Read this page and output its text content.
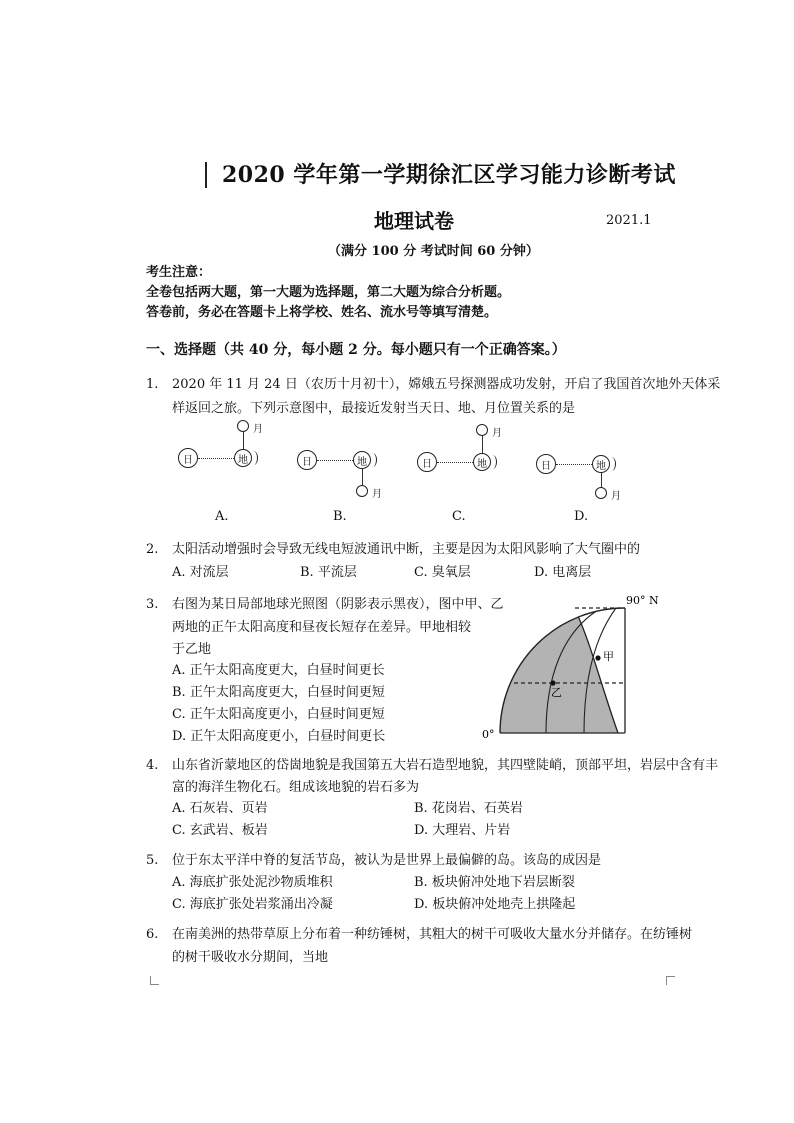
2020 学年第一学期徐汇区学习能力诊断考试
地理试卷	2021.1
（满分 100 分 考试时间 60 分钟）
考生注意：
全卷包括两大题，第一大题为选择题，第二大题为综合分析题。
答卷前，务必在答题卡上将学校、姓名、流水号等填写清楚。
一、选择题（共 40 分，每小题 2 分。每小题只有一个正确答案。）
1. 2020 年 11 月 24 日（农历十月初十），嫦娥五号探测器成功发射，开启了我国首次地外天体采
样返回之旅。下列示意图中，最接近发射当天日、地、月位置关系的是
日	地
月
A.
日	地
月
B.
日	地
月
C.
日	地
月
D.
2. 太阳活动增强时会导致无线电短波通讯中断，主要是因为太阳风影响了大气圈中的
A. 对流层	B. 平流层	C. 臭氧层	D. 电离层
3. 右图为某日局部地球光照图（阴影表示黑夜），图中甲、乙
两地的正午太阳高度和昼夜长短存在差异。甲地相较
于乙地
A. 正午太阳高度更大，白昼时间更长
B. 正午太阳高度更大，白昼时间更短
C. 正午太阳高度更小，白昼时间更短
D. 正午太阳高度更小，白昼时间更长
甲
乙
90° N
0°
4. 山东省沂蒙地区的岱崮地貌是我国第五大岩石造型地貌，其四壁陡峭，顶部平坦，岩层中含有丰
富的海洋生物化石。组成该地貌的岩石多为
A. 石灰岩、页岩	B. 花岗岩、石英岩
C. 玄武岩、板岩	D. 大理岩、片岩
5. 位于东太平洋中脊的复活节岛，被认为是世界上最偏僻的岛。该岛的成因是
A. 海底扩张处泥沙物质堆积	B. 板块俯冲处地下岩层断裂
C. 海底扩张处岩浆涌出冷凝	D. 板块俯冲处地壳上拱隆起
6. 在南美洲的热带草原上分布着一种纺锤树，其粗大的树干可吸收大量水分并储存。在纺锤树
的树干吸收水分期间，当地
